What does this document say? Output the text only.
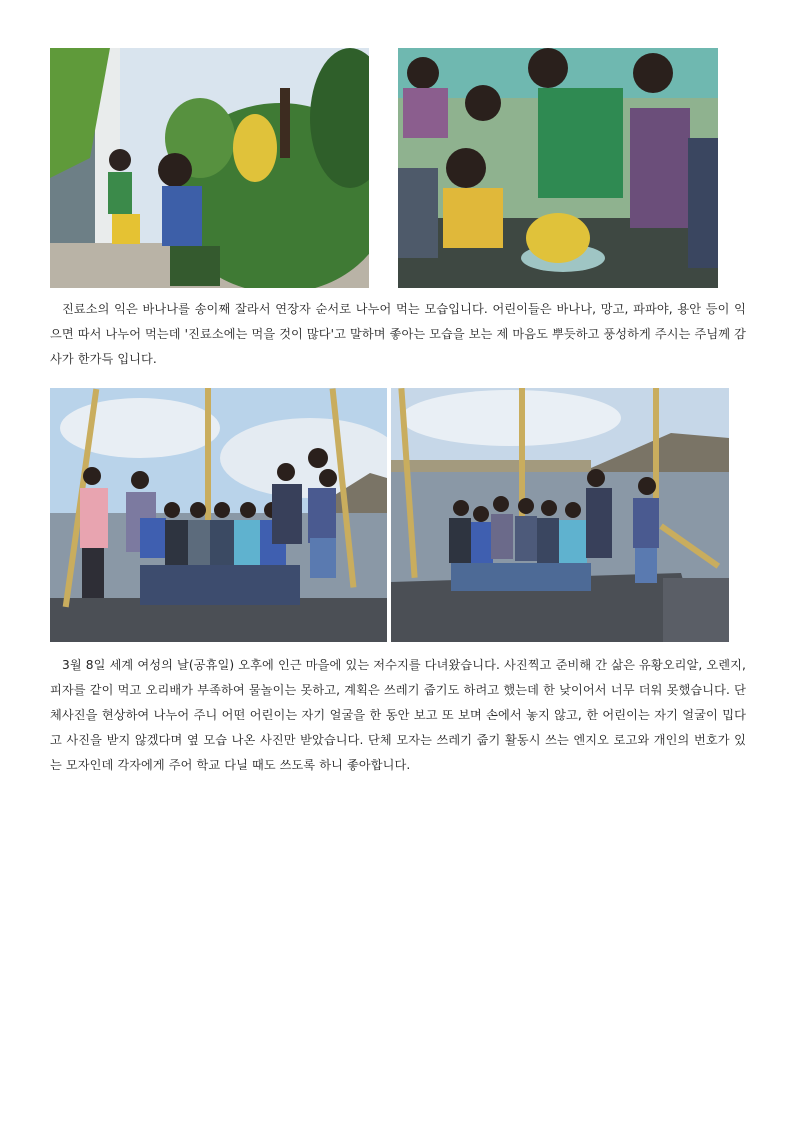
진료소의 익은 바나나를 송이째 잘라서 연장자 순서로 나누어 먹는 모습입니다. 어린이들은 바나나, 망고, 파파야, 용안 등이 익으면 따서 나누어 먹는데 '진료소에는 먹을 것이 많다'고 말하며 좋아는 모습을 보는 제 마음도 뿌듯하고 풍성하게 주시는 주님께 감사가 한가득 입니다.

3월 8일 세계 여성의 날(공휴일) 오후에 인근 마을에 있는 저수지를 다녀왔습니다. 사진찍고 준비해 간 삶은 유황오리알, 오렌지, 피자를 같이 먹고 오리배가 부족하여 물놀이는 못하고, 계획은 쓰레기 줍기도 하려고 했는데 한 낮이어서 너무 더워 못했습니다. 단체사진을 현상하여 나누어 주니 어떤 어린이는 자기 얼굴을 한 동안 보고 또 보며 손에서 놓지 않고, 한 어린이는 자기 얼굴이 밉다고 사진을 받지 않겠다며 옆 모습 나온 사진만 받았습니다. 단체 모자는 쓰레기 줍기 활동시 쓰는 엔지오 로고와 개인의 번호가 있는 모자인데 각자에게 주어 학교 다닐 때도 쓰도록 하니 좋아합니다.
